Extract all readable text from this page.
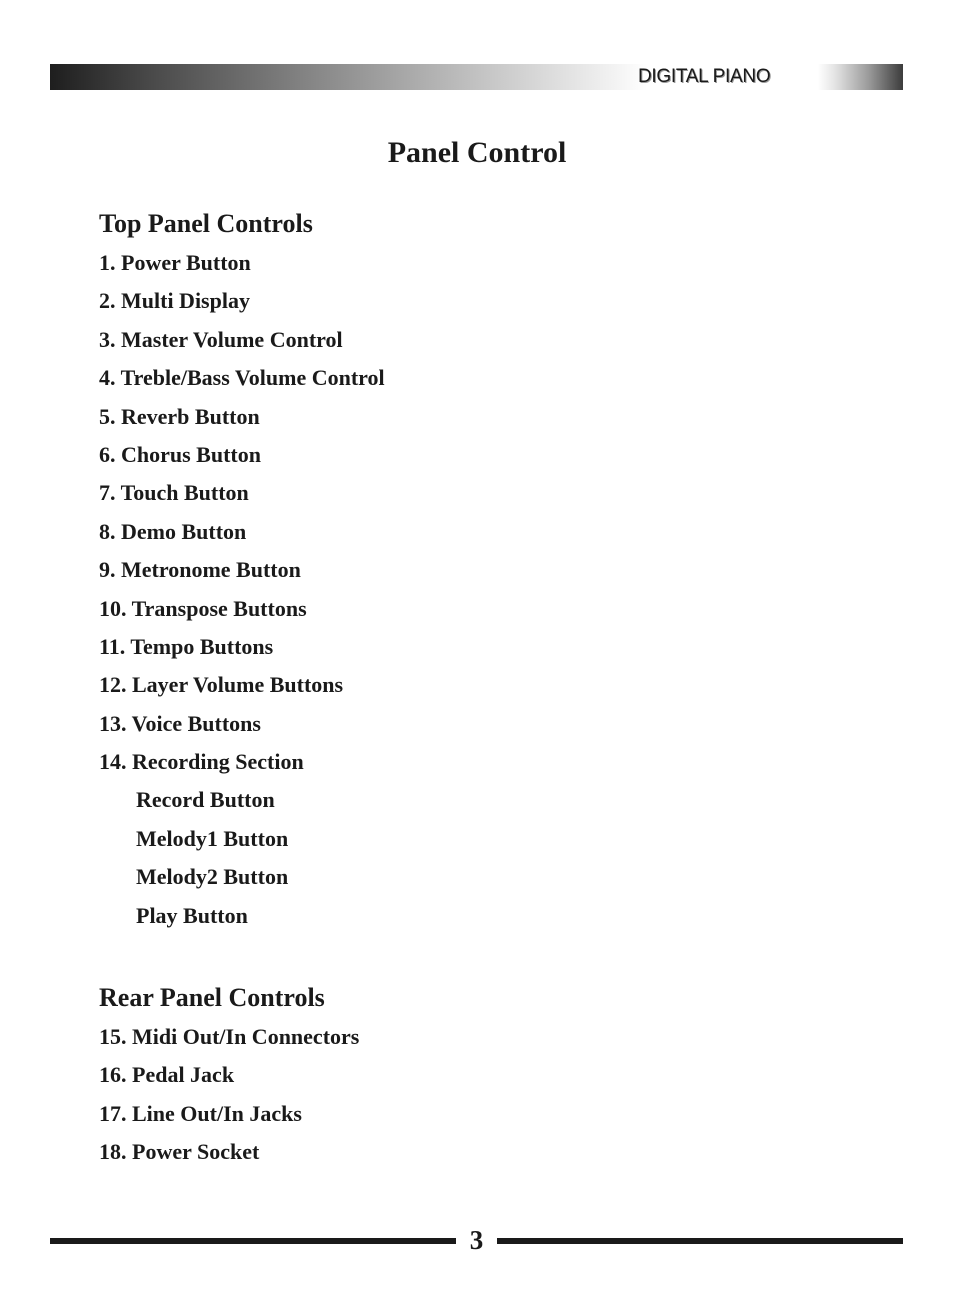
DIGITAL PIANO
Panel Control
Top Panel Controls
1. Power Button
2. Multi Display
3. Master Volume Control
4. Treble/Bass Volume Control
5. Reverb Button
6. Chorus Button
7. Touch Button
8. Demo Button
9. Metronome Button
10. Transpose Buttons
11. Tempo Buttons
12. Layer Volume Buttons
13. Voice Buttons
14. Recording Section
Record Button
Melody1 Button
Melody2 Button
Play Button
Rear Panel Controls
15. Midi Out/In Connectors
16. Pedal Jack
17. Line Out/In Jacks
18. Power Socket
3
